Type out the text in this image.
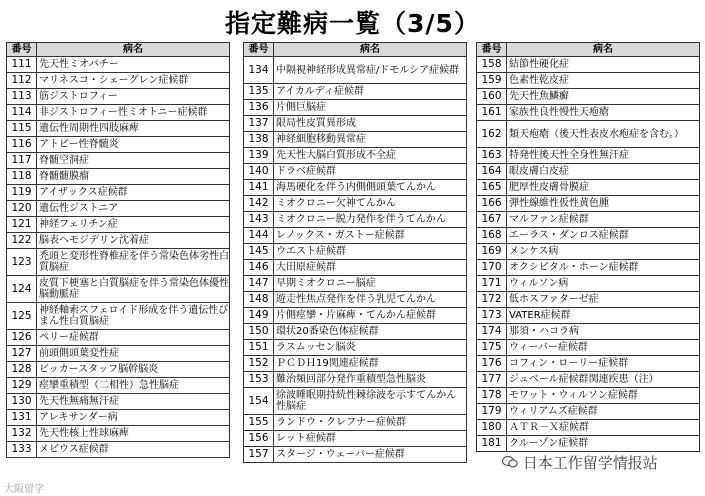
指定難病一覧（3/5）
番号	病名
111	先天性ミオパチー
112	マリネスコ・シェーグレン症候群
113	筋ジストロフィー
114	非ジストロフィー性ミオトニー症候群
115	遺伝性周期性四肢麻痺
116	アトピー性脊髄炎
117	脊髄空洞症
118	脊髄髄膜瘤
119	アイザックス症候群
120	遺伝性ジストニア
121	神経フェリチン症
122	脳表ヘモジデリン沈着症
123	禿頭と変形性脊椎症を伴う常染色体劣性白質脳症
124	皮質下梗塞と白質脳症を伴う常染色体優性脳動脈症
125	神経軸索スフェロイド形成を伴う遺伝性びまん性白質脳症
126	ペリー症候群
127	前頭側頭葉変性症
128	ビッカースタッフ脳幹脳炎
129	痙攣重積型（二相性）急性脳症
130	先天性無痛無汗症
131	アレキサンダー病
132	先天性核上性球麻痺
133	メビウス症候群
番号	病名
134	中隔視神経形成異常症/ドモルシア症候群
135	アイカルディ症候群
136	片側巨脳症
137	限局性皮質異形成
138	神経細胞移動異常症
139	先天性大脳白質形成不全症
140	ドラベ症候群
141	海馬硬化を伴う内側側頭葉てんかん
142	ミオクロニー欠神てんかん
143	ミオクロニー脱力発作を伴うてんかん
144	レノックス・ガストー症候群
145	ウエスト症候群
146	大田原症候群
147	早期ミオクロニー脳症
148	遊走性焦点発作を伴う乳児てんかん
149	片側痙攣・片麻痺・てんかん症候群
150	環状20番染色体症候群
151	ラスムッセン脳炎
152	ＰＣＤＨ19関連症候群
153	難治頻回部分発作重積型急性脳炎
154	徐波睡眠期持続性棘徐波を示すてんかん性脳症
155	ランドウ・クレフナー症候群
156	レット症候群
157	スタージ・ウェーバー症候群
番号	病名
158	結節性硬化症
159	色素性乾皮症
160	先天性魚鱗癬
161	家族性良性慢性天疱瘡
162	類天疱瘡（後天性表皮水疱症を含む。）
163	特発性後天性全身性無汗症
164	眼皮膚白皮症
165	肥厚性皮膚骨膜症
166	弾性線維性仮性黄色腫
167	マルファン症候群
168	エーラス・ダンロス症候群
169	メンケス病
170	オクシピタル・ホーン症候群
171	ウィルソン病
172	低ホスファターゼ症
173	VATER症候群
174	那須・ハコラ病
175	ウィーバー症候群
176	コフィン・ローリー症候群
177	ジュベール症候群関連疾患（注）
178	モワット・ウィルソン症候群
179	ウィリアムズ症候群
180	ＡＴＲ－Ｘ症候群
181	クルーゾン症候群
日本工作留学情报站
大阪留学
